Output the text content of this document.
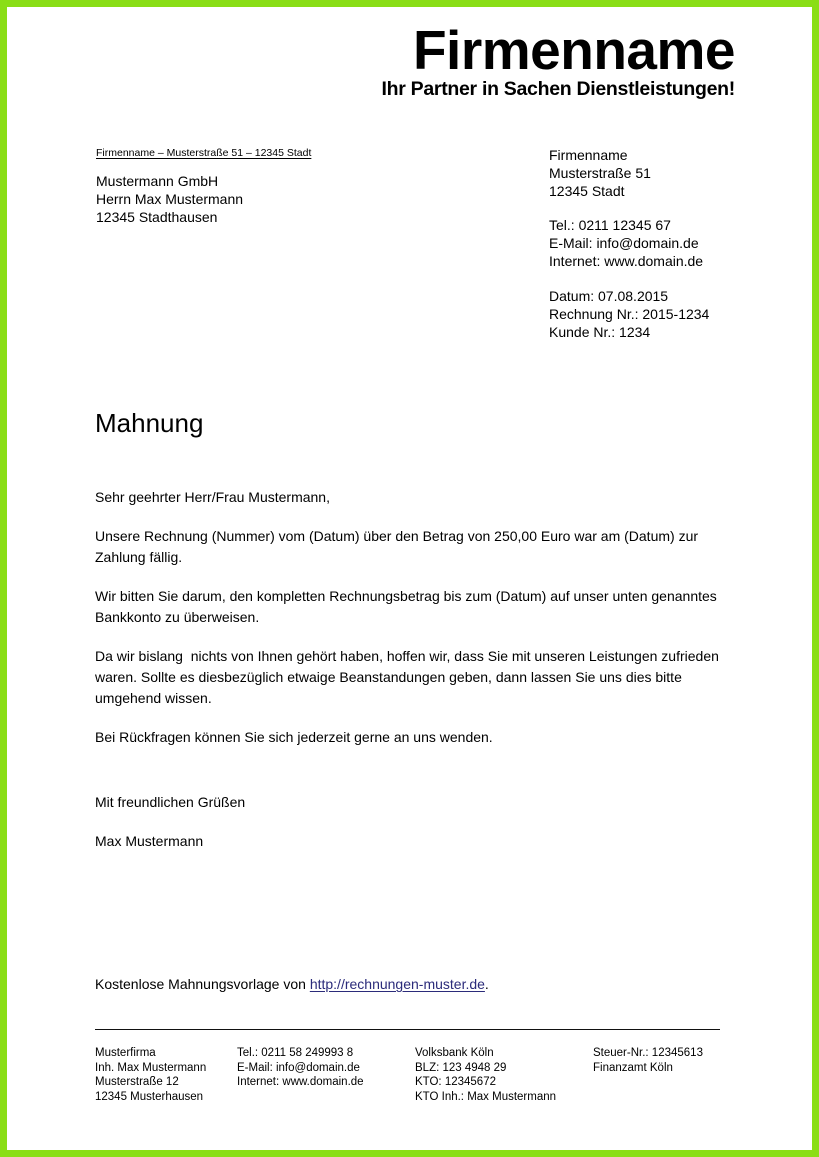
Firmenname
Ihr Partner in Sachen Dienstleistungen!
Firmenname – Musterstraße 51 – 12345 Stadt
Mustermann GmbH
Herrn Max Mustermann
12345 Stadthausen
Firmenname
Musterstraße 51
12345 Stadt
Tel.: 0211 12345 67
E-Mail: info@domain.de
Internet: www.domain.de
Datum: 07.08.2015
Rechnung Nr.: 2015-1234
Kunde Nr.: 1234
Mahnung

Sehr geehrter Herr/Frau Mustermann,

Unsere Rechnung (Nummer) vom (Datum) über den Betrag von 250,00 Euro war am (Datum) zur Zahlung fällig.

Wir bitten Sie darum, den kompletten Rechnungsbetrag bis zum (Datum) auf unser unten genanntes Bankkonto zu überweisen.

Da wir bislang  nichts von Ihnen gehört haben, hoffen wir, dass Sie mit unseren Leistungen zufrieden waren. Sollte es diesbezüglich etwaige Beanstandungen geben, dann lassen Sie uns dies bitte umgehend wissen.

Bei Rückfragen können Sie sich jederzeit gerne an uns wenden.

Mit freundlichen Grüßen

Max Mustermann

Kostenlose Mahnungsvorlage von http://rechnungen-muster.de.
Musterfirma
Inh. Max Mustermann
Musterstraße 12
12345 Musterhausen
Tel.: 0211 58 249993 8
E-Mail: info@domain.de
Internet: www.domain.de
Volksbank Köln
BLZ: 123 4948 29
KTO: 12345672
KTO Inh.: Max Mustermann
Steuer-Nr.: 12345613
Finanzamt Köln
